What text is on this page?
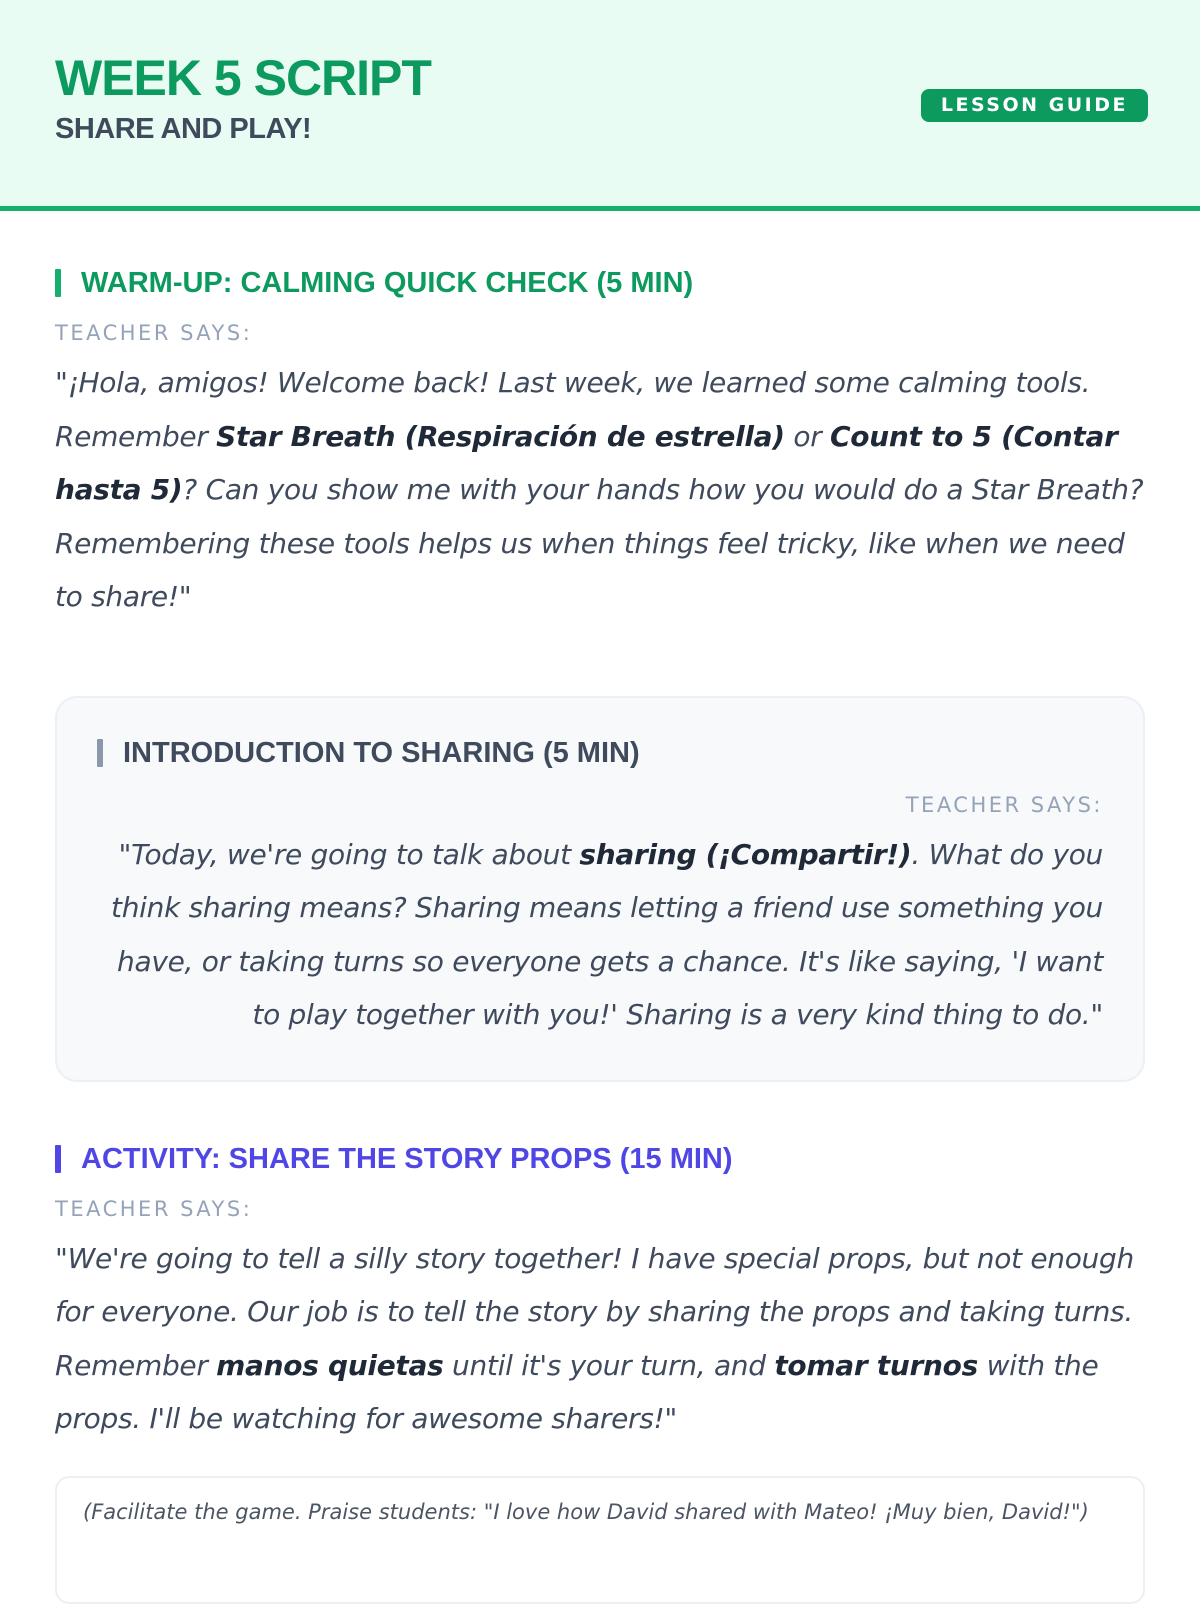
WEEK 5 SCRIPT
SHARE AND PLAY!
LESSON GUIDE
WARM-UP: CALMING QUICK CHECK (5 MIN)
TEACHER SAYS:
"¡Hola, amigos! Welcome back! Last week, we learned some calming tools. Remember Star Breath (Respiración de estrella) or Count to 5 (Contar hasta 5)? Can you show me with your hands how you would do a Star Breath? Remembering these tools helps us when things feel tricky, like when we need to share!"
INTRODUCTION TO SHARING (5 MIN)
TEACHER SAYS:
"Today, we're going to talk about sharing (¡Compartir!). What do you think sharing means? Sharing means letting a friend use something you have, or taking turns so everyone gets a chance. It's like saying, 'I want to play together with you!' Sharing is a very kind thing to do."
ACTIVITY: SHARE THE STORY PROPS (15 MIN)
TEACHER SAYS:
"We're going to tell a silly story together! I have special props, but not enough for everyone. Our job is to tell the story by sharing the props and taking turns. Remember manos quietas until it's your turn, and tomar turnos with the props. I'll be watching for awesome sharers!"
(Facilitate the game. Praise students: "I love how David shared with Mateo! ¡Muy bien, David!")
